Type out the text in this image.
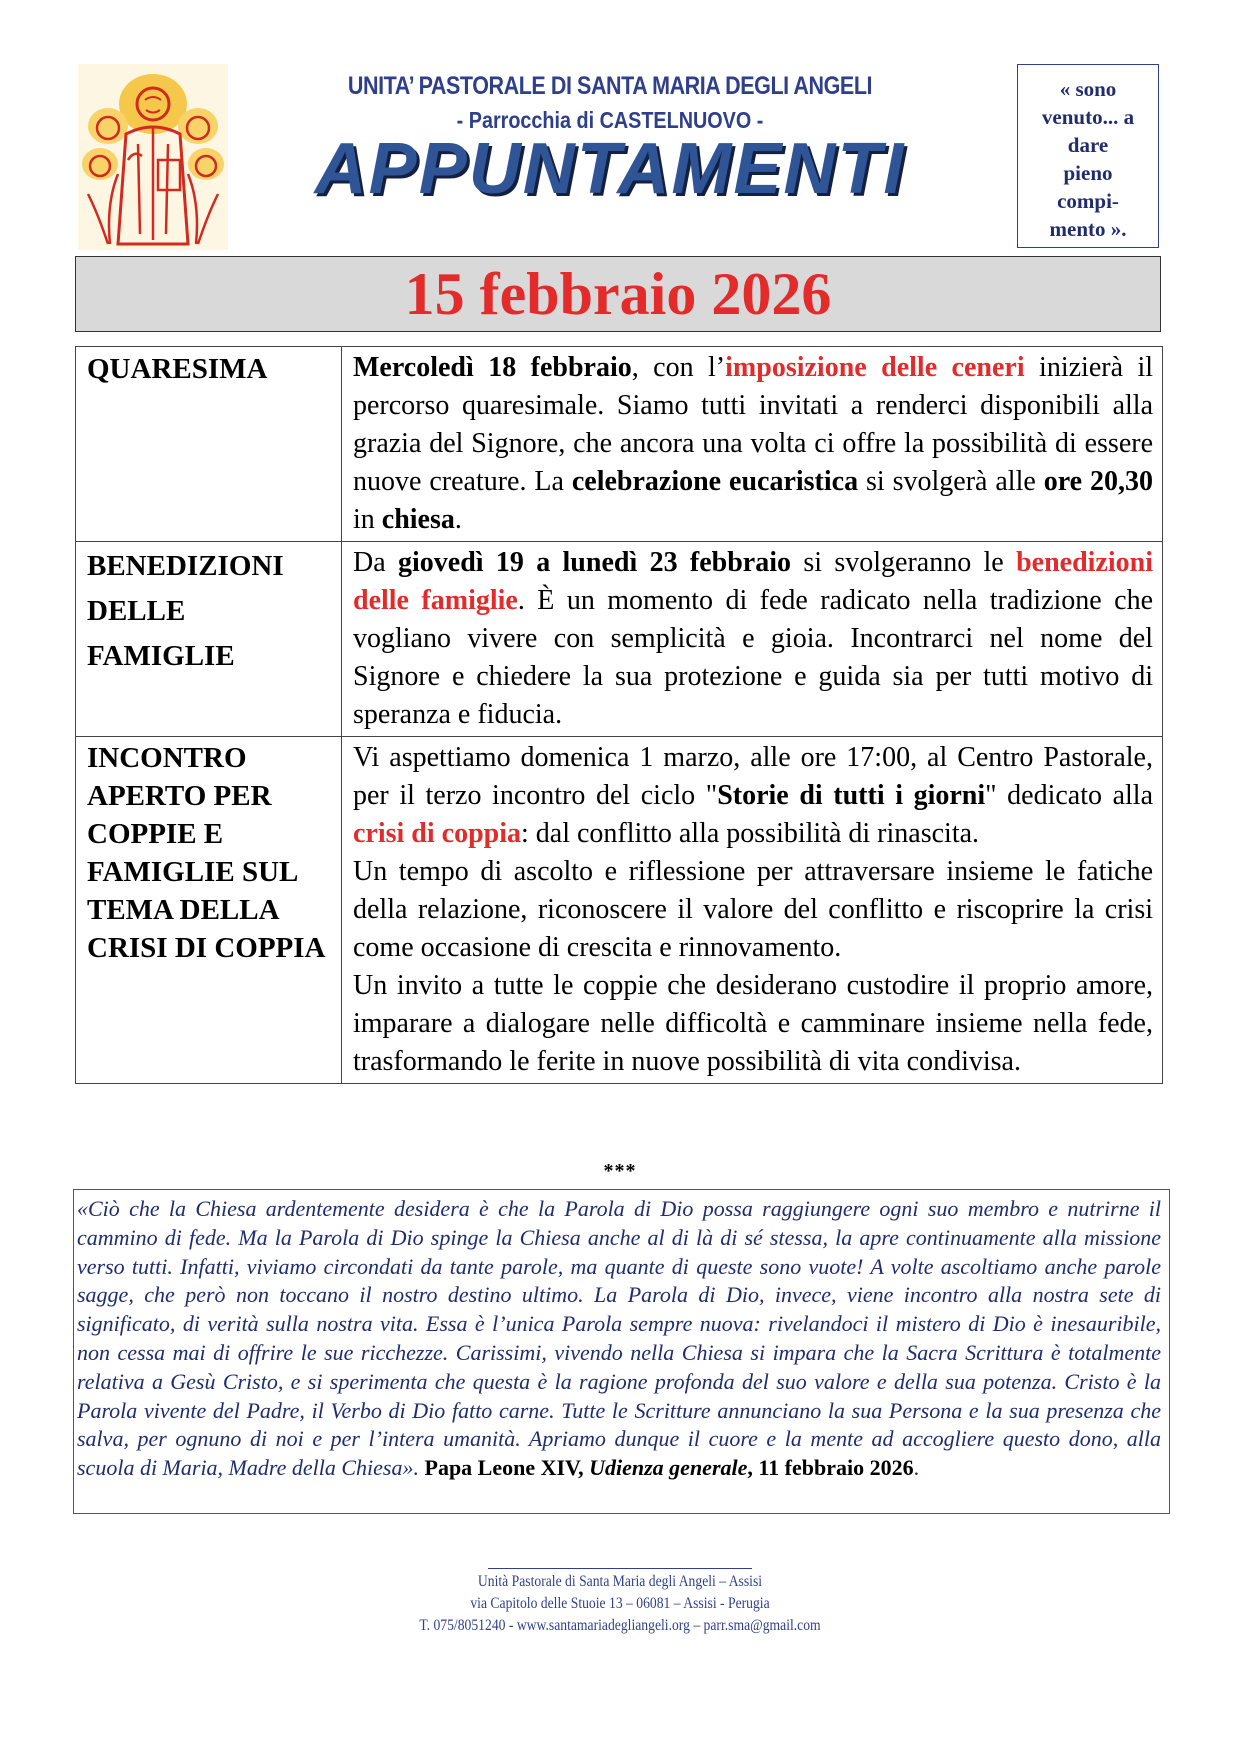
UNITA’ PASTORALE DI SANTA MARIA DEGLI ANGELI
- Parrocchia di CASTELNUOVO -
APPUNTAMENTI
« sono
venuto... a
dare
pieno
compi-
mento ».
15 febbraio 2026
QUARESIMA	Mercoledì 18 febbraio, con l’imposizione delle ceneri inizierà il percorso quaresimale. Siamo tutti invitati a renderci disponibili alla grazia del Signore, che ancora una volta ci offre la possibilità di essere nuove creature. La celebrazione eucaristica si svolgerà alle ore 20,30 in chiesa.
BENEDIZIONI DELLE FAMIGLIE	Da giovedì 19 a lunedì 23 febbraio si svolgeranno le benedizioni delle famiglie. È un momento di fede radicato nella tradizione che vogliano vivere con semplicità e gioia. Incontrarci nel nome del Signore e chiedere la sua protezione e guida sia per tutti motivo di speranza e fiducia.
INCONTRO APERTO PER COPPIE E FAMIGLIE SUL TEMA DELLA CRISI DI COPPIA	Vi aspettiamo domenica 1 marzo, alle ore 17:00, al Centro Pastorale, per il terzo incontro del ciclo "Storie di tutti i giorni" dedicato alla crisi di coppia: dal conflitto alla possibilità di rinascita.
Un tempo di ascolto e riflessione per attraversare insieme le fatiche della relazione, riconoscere il valore del conflitto e riscoprire la crisi come occasione di crescita e rinnovamento.
Un invito a tutte le coppie che desiderano custodire il proprio amore, imparare a dialogare nelle difficoltà e camminare insieme nella fede, trasformando le ferite in nuove possibilità di vita condivisa.
***
«Ciò che la Chiesa ardentemente desidera è che la Parola di Dio possa raggiungere ogni suo membro e nutrirne il cammino di fede. Ma la Parola di Dio spinge la Chiesa anche al di là di sé stessa, la apre continuamente alla missione verso tutti. Infatti, viviamo circondati da tante parole, ma quante di queste sono vuote! A volte ascoltiamo anche parole sagge, che però non toccano il nostro destino ultimo. La Parola di Dio, invece, viene incontro alla nostra sete di significato, di verità sulla nostra vita. Essa è l’unica Parola sempre nuova: rivelandoci il mistero di Dio è inesauribile, non cessa mai di offrire le sue ricchezze. Carissimi, vivendo nella Chiesa si impara che la Sacra Scrittura è totalmente relativa a Gesù Cristo, e si sperimenta che questa è la ragione profonda del suo valore e della sua potenza. Cristo è la Parola vivente del Padre, il Verbo di Dio fatto carne. Tutte le Scritture annunciano la sua Persona e la sua presenza che salva, per ognuno di noi e per l’intera umanità. Apriamo dunque il cuore e la mente ad accogliere questo dono, alla scuola di Maria, Madre della Chiesa». Papa Leone XIV, Udienza generale, 11 febbraio 2026.
Unità Pastorale di Santa Maria degli Angeli – Assisi
via Capitolo delle Stuoie 13 – 06081 – Assisi - Perugia
T. 075/8051240 - www.santamariadegliangeli.org – parr.sma@gmail.com
